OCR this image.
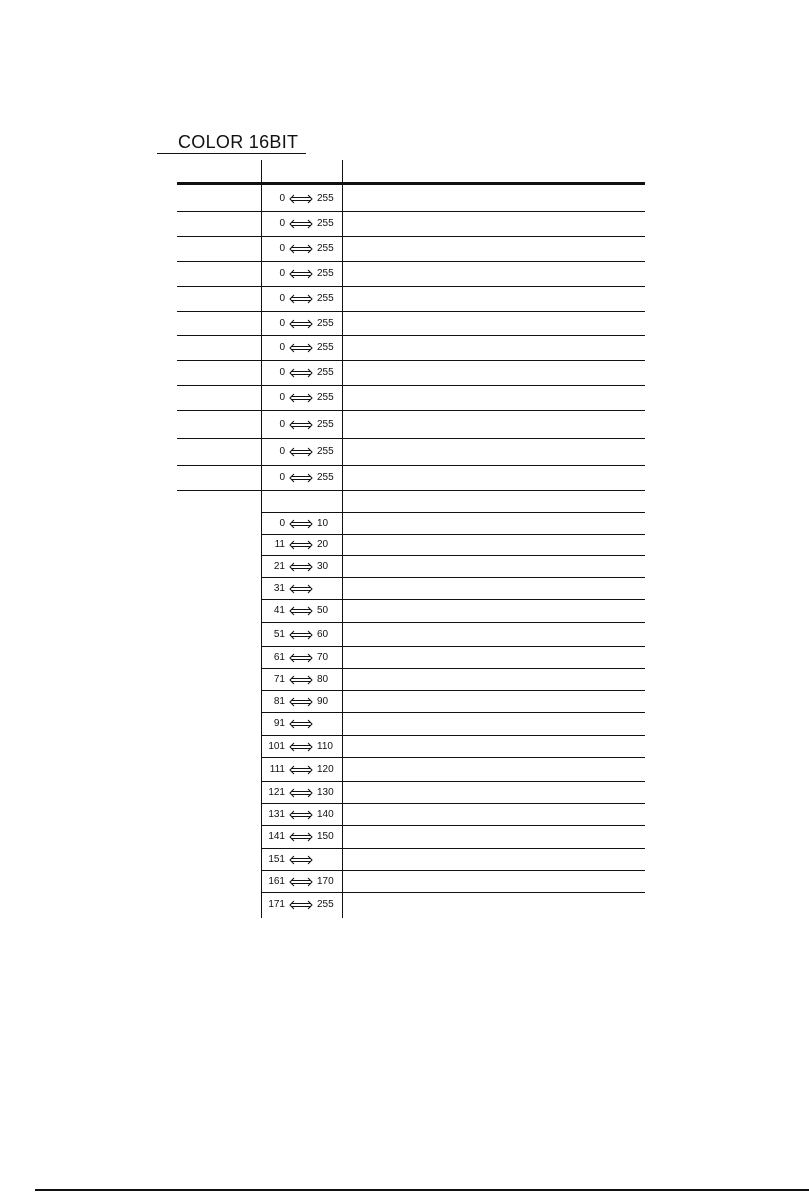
COLOR 16BIT
0	255
0	255
0	255
0	255
0	255
0	255
0	255
0	255
0	255
0	255
0	255
0	255
0	10
11	20
21	30
31
41	50
51	60
61	70
71	80
81	90
91
101	110
111	120
121	130
131	140
141	150
151
161	170
171	255
